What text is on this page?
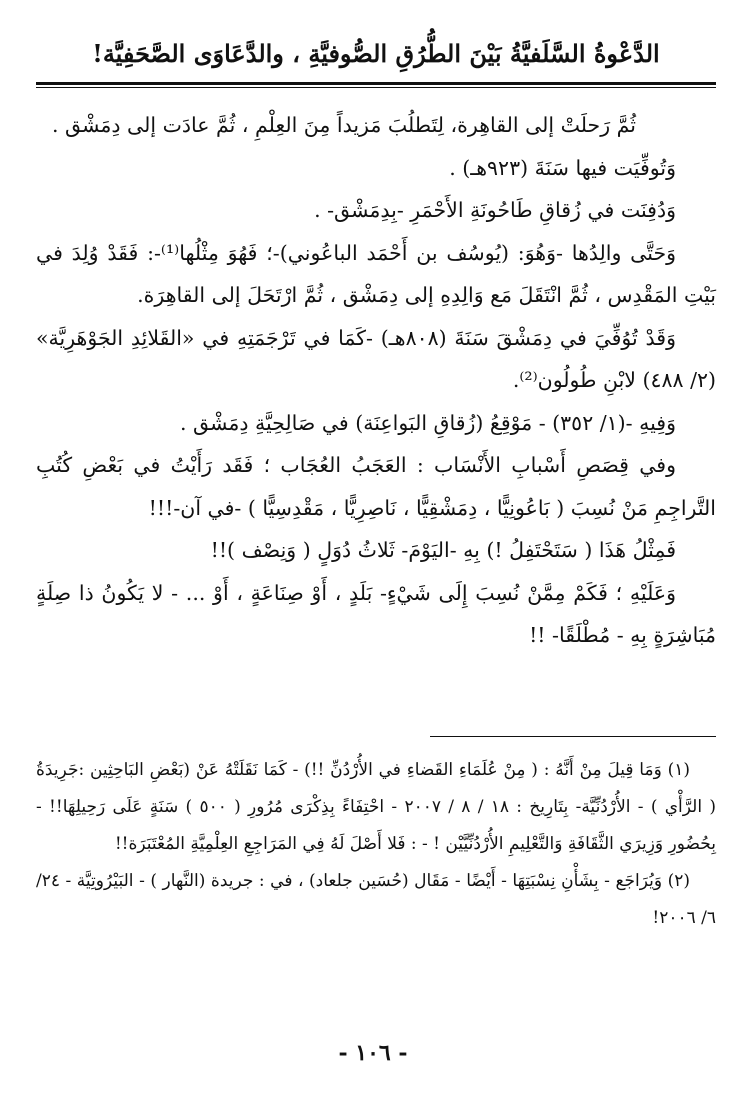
الدَّعْوةُ السَّلَفيَّةُ بَيْنَ الطُّرُقِ الصُّوفيَّةِ ، والدَّعَاوَى الصَّحَفِيَّة!

ثُمَّ رَحلَتْ إلى القاهِرة، لِتَطلُبَ مَزيداً مِنَ العِلْمِ ، ثُمَّ عادَت إلى دِمَشْق .

وَتُوفِّيَت فيها سَنَةَ (٩٢٣هـ) .

وَدُفِنَت في زُقاقِ طَاحُونَةِ الأَحْمَرِ -بِدِمَشْق- .

وَحَتَّى والِدُها -وَهُوَ: (يُوسُف بن أَحْمَد الباعُوني)-؛ فَهُوَ مِثْلُها⁽¹⁾-: فَقَدْ وُلِدَ في بَيْتِ المَقْدِس ، ثُمَّ انْتَقَلَ مَع وَالِدِهِ إلى دِمَشْق ، ثُمَّ ارْتَحَلَ إلى القاهِرَة.

وَقَدْ تُوُفِّيَ في دِمَشْقَ سَنَةَ (٨٠٨هـ) -كَمَا في تَرْجَمَتِهِ في «القَلائِدِ الجَوْهَرِيَّة» (٢/ ٤٨٨) لابْنِ طُولُون⁽²⁾.

وَفِيهِ -(١/ ٣٥٢) - مَوْقِعُ (زُقاقِ البَواعِنَة) في صَالِحِيَّةِ دِمَشْق .

وفي قِصَصِ أَسْبابِ الأَنْسَاب : العَجَبُ العُجَاب ؛ فَقَد رَأَيْتُ في بَعْضِ كُتُبِ التَّراجِمِ مَنْ نُسِبَ ( بَاعُونِيًّا ، دِمَشْقِيًّا ، نَاصِرِيًّا ، مَقْدِسِيًّا ) -في آن-!!!

فَمِثْلُ هَذَا ( سَتَحْتَفِلُ !) بِهِ -اليَوْمَ- ثَلاثُ دُوَلٍ ( وَنِصْف )!!

وَعَلَيْهِ ؛ فَكَمْ مِمَّنْ نُسِبَ إِلَى شَيْءٍ- بَلَدٍ ، أَوْ صِنَاعَةٍ ، أَوْ ... - لا يَكُونُ ذا صِلَةٍ مُبَاشِرَةٍ بِهِ - مُطْلَقًا- !!

(١) وَمَا قِيلَ مِنْ أَنَّهُ : ( مِنْ عُلَمَاءِ القَضاءِ في الأُرْدُنِّ !!) - كَمَا نَقَلَتْهُ عَنْ (بَعْضِ البَاحِثِين :جَرِيدَةُ ( الرَّأْي ) - الأُرْدُنِّيَّة- بِتَارِيخ : ١٨ / ٨ / ٢٠٠٧ - احْتِفَاءً بِذِكْرَى مُرُورِ ( ٥٠٠ ) سَنَةٍ عَلَى رَحِيلِهَا!! - بِحُضُورِ وَزِيرَي الثَّقَافَةِ وَالتَّعْلِيمِ الأُرْدُنِّيَّيْن ! - : فَلا أَصْلَ لَهُ فِي المَرَاجِعِ العِلْمِيَّةِ المُعْتَبَرَة!!

(٢) وَيُرَاجَع - بِشَأْنِ نِسْبَتِهَا - أَيْضًا - مَقَال (حُسَين جلعاد) ، في : جريدة (النَّهار ) - البَيْرُوتِيَّة - ٢٤/ ٦/ ٢٠٠٦!

- ١٠٦ -
